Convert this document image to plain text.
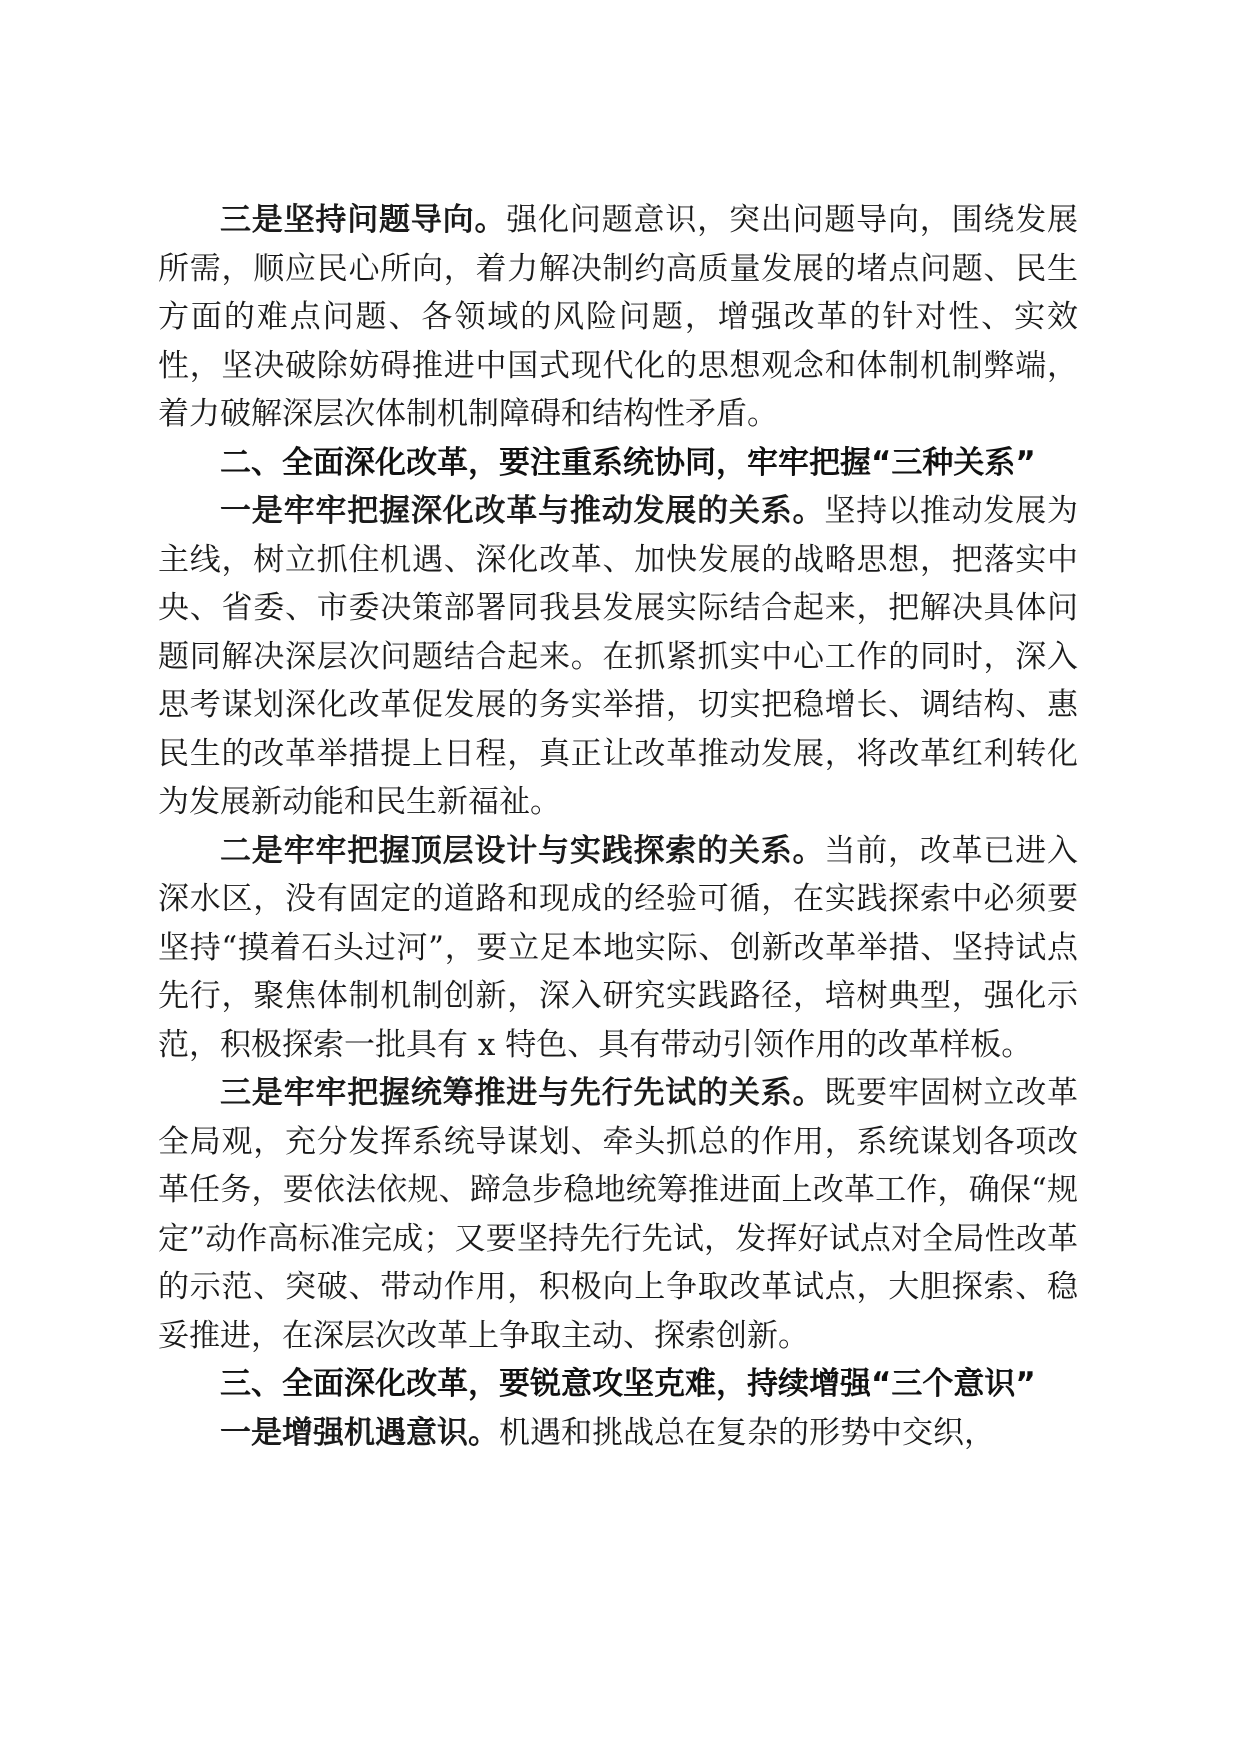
三是坚持问题导向。强化问题意识，突出问题导向，围绕发展所需，顺应民心所向，着力解决制约高质量发展的堵点问题、民生方面的难点问题、各领域的风险问题，增强改革的针对性、实效性，坚决破除妨碍推进中国式现代化的思想观念和体制机制弊端，着力破解深层次体制机制障碍和结构性矛盾。

二、全面深化改革，要注重系统协同，牢牢把握“三种关系”

一是牢牢把握深化改革与推动发展的关系。坚持以推动发展为主线，树立抓住机遇、深化改革、加快发展的战略思想，把落实中央、省委、市委决策部署同我县发展实际结合起来，把解决具体问题同解决深层次问题结合起来。在抓紧抓实中心工作的同时，深入思考谋划深化改革促发展的务实举措，切实把稳增长、调结构、惠民生的改革举措提上日程，真正让改革推动发展，将改革红利转化为发展新动能和民生新福祉。

二是牢牢把握顶层设计与实践探索的关系。当前，改革已进入深水区，没有固定的道路和现成的经验可循，在实践探索中必须要坚持“摸着石头过河”，要立足本地实际、创新改革举措、坚持试点先行，聚焦体制机制创新，深入研究实践路径，培树典型，强化示范，积极探索一批具有 x 特色、具有带动引领作用的改革样板。

三是牢牢把握统筹推进与先行先试的关系。既要牢固树立改革全局观，充分发挥系统导谋划、牵头抓总的作用，系统谋划各项改革任务，要依法依规、蹄急步稳地统筹推进面上改革工作，确保“规定”动作高标准完成；又要坚持先行先试，发挥好试点对全局性改革的示范、突破、带动作用，积极向上争取改革试点，大胆探索、稳妥推进，在深层次改革上争取主动、探索创新。

三、全面深化改革，要锐意攻坚克难，持续增强“三个意识”

一是增强机遇意识。机遇和挑战总在复杂的形势中交织，
